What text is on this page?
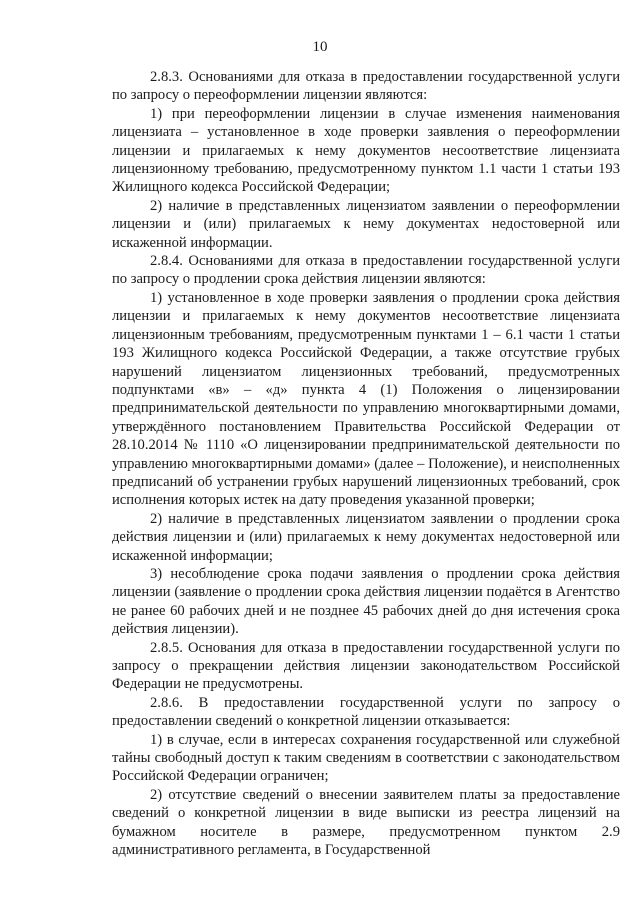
10

2.8.3. Основаниями для отказа в предоставлении государственной услуги по запросу о переоформлении лицензии являются:

1) при переоформлении лицензии в случае изменения наименования лицензиата – установленное в ходе проверки заявления о переоформлении лицензии и прилагаемых к нему документов несоответствие лицензиата лицензионному требованию, предусмотренному пунктом 1.1 части 1 статьи 193 Жилищного кодекса Российской Федерации;

2) наличие в представленных лицензиатом заявлении о переоформлении лицензии и (или) прилагаемых к нему документах недостоверной или искаженной информации.

2.8.4. Основаниями для отказа в предоставлении государственной услуги по запросу о продлении срока действия лицензии являются:

1) установленное в ходе проверки заявления о продлении срока действия лицензии и прилагаемых к нему документов несоответствие лицензиата лицензионным требованиям, предусмотренным пунктами 1 – 6.1 части 1 статьи 193 Жилищного кодекса Российской Федерации, а также отсутствие грубых нарушений лицензиатом лицензионных требований, предусмотренных подпунктами «в» – «д» пункта 4 (1) Положения о лицензировании предпринимательской деятельности по управлению многоквартирными домами, утверждённого постановлением Правительства Российской Федерации от 28.10.2014 № 1110 «О лицензировании предпринимательской деятельности по управлению многоквартирными домами» (далее – Положение), и неисполненных предписаний об устранении грубых нарушений лицензионных требований, срок исполнения которых истек на дату проведения указанной проверки;

2) наличие в представленных лицензиатом заявлении о продлении срока действия лицензии и (или) прилагаемых к нему документах недостоверной или искаженной информации;

3) несоблюдение срока подачи заявления о продлении срока действия лицензии (заявление о продлении срока действия лицензии подаётся в Агентство не ранее 60 рабочих дней и не позднее 45 рабочих дней до дня истечения срока действия лицензии).

2.8.5. Основания для отказа в предоставлении государственной услуги по запросу о прекращении действия лицензии законодательством Российской Федерации не предусмотрены.

2.8.6. В предоставлении государственной услуги по запросу о предоставлении сведений о конкретной лицензии отказывается:

1) в случае, если в интересах сохранения государственной или служебной тайны свободный доступ к таким сведениям в соответствии с законодательством Российской Федерации ограничен;

2) отсутствие сведений о внесении заявителем платы за предоставление сведений о конкретной лицензии в виде выписки из реестра лицензий на бумажном носителе в размере, предусмотренном пунктом 2.9 административного регламента, в Государственной
